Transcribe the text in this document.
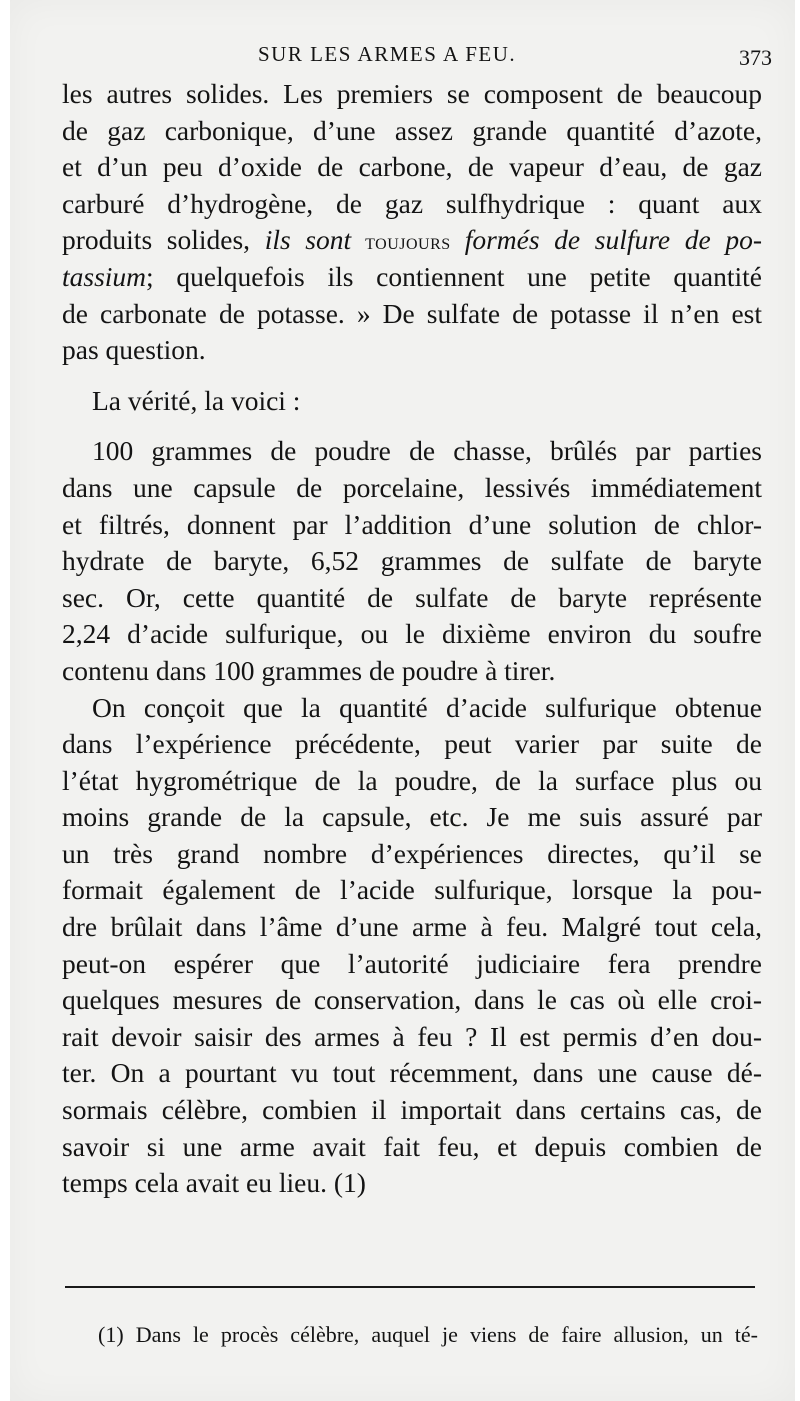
SUR LES ARMES A FEU.	373
les autres solides. Les premiers se composent de beaucoup
de gaz carbonique, d’une assez grande quantité d’azote,
et d’un peu d’oxide de carbone, de vapeur d’eau, de gaz
carburé d’hydrogène, de gaz sulfhydrique : quant aux
produits solides, ils sont toujours formés de sulfure de po-
tassium; quelquefois ils contiennent une petite quantité
de carbonate de potasse. » De sulfate de potasse il n’en est
pas question.
La vérité, la voici :
100 grammes de poudre de chasse, brûlés par parties
dans une capsule de porcelaine, lessivés immédiatement
et filtrés, donnent par l’addition d’une solution de chlor-
hydrate de baryte, 6,52 grammes de sulfate de baryte
sec. Or, cette quantité de sulfate de baryte représente
2,24 d’acide sulfurique, ou le dixième environ du soufre
contenu dans 100 grammes de poudre à tirer.
On conçoit que la quantité d’acide sulfurique obtenue
dans l’expérience précédente, peut varier par suite de
l’état hygrométrique de la poudre, de la surface plus ou
moins grande de la capsule, etc. Je me suis assuré par
un très grand nombre d’expériences directes, qu’il se
formait également de l’acide sulfurique, lorsque la pou-
dre brûlait dans l’âme d’une arme à feu. Malgré tout cela,
peut-on espérer que l’autorité judiciaire fera prendre
quelques mesures de conservation, dans le cas où elle croi-
rait devoir saisir des armes à feu ? Il est permis d’en dou-
ter. On a pourtant vu tout récemment, dans une cause dé-
sormais célèbre, combien il importait dans certains cas, de
savoir si une arme avait fait feu, et depuis combien de
temps cela avait eu lieu. (1)
(1) Dans le procès célèbre, auquel je viens de faire allusion, un té-
